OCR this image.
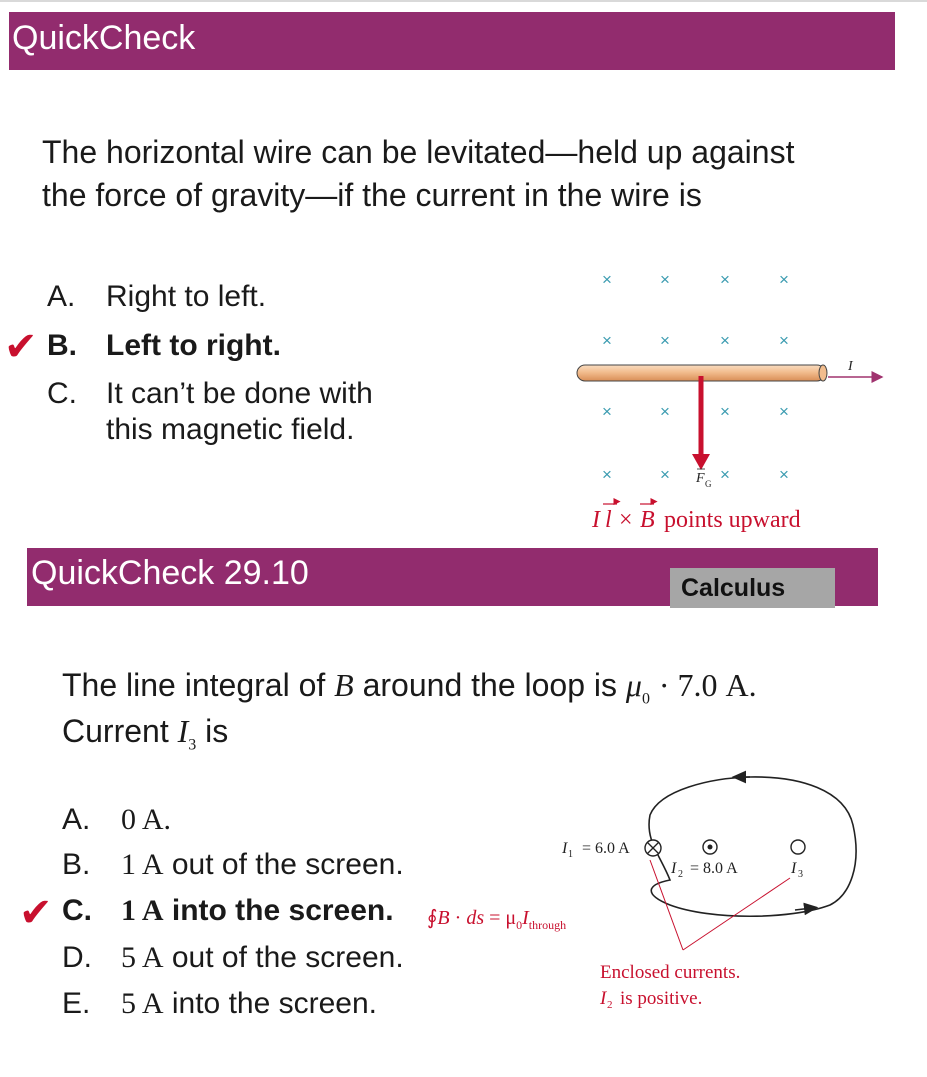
QuickCheck
The horizontal wire can be levitated—held up against
the force of gravity—if the current in the wire is
A. Right to left.
✔ B. Left to right.
C. It can’t be done with
this magnetic field.
×	×	×	×
×	×	×	×
×	×	×	×
×	×	×	×
I
F G
I l × B points upward
QuickCheck 29.10	Calculus
The line integral of B around the loop is $\mu_0 \cdot 7.0$ A.
Current $I_3$ is
A. 0 A.
B. 1 A out of the screen.
✔ C. 1 A into the screen.
D. 5 A out of the screen.
E. 5 A into the screen.
∮B · ds = $\mu_0I_{through}$
I 1 = 6.0 A
I 2 = 8.0 A	I 3
Enclosed currents.
I 2 is positive.
